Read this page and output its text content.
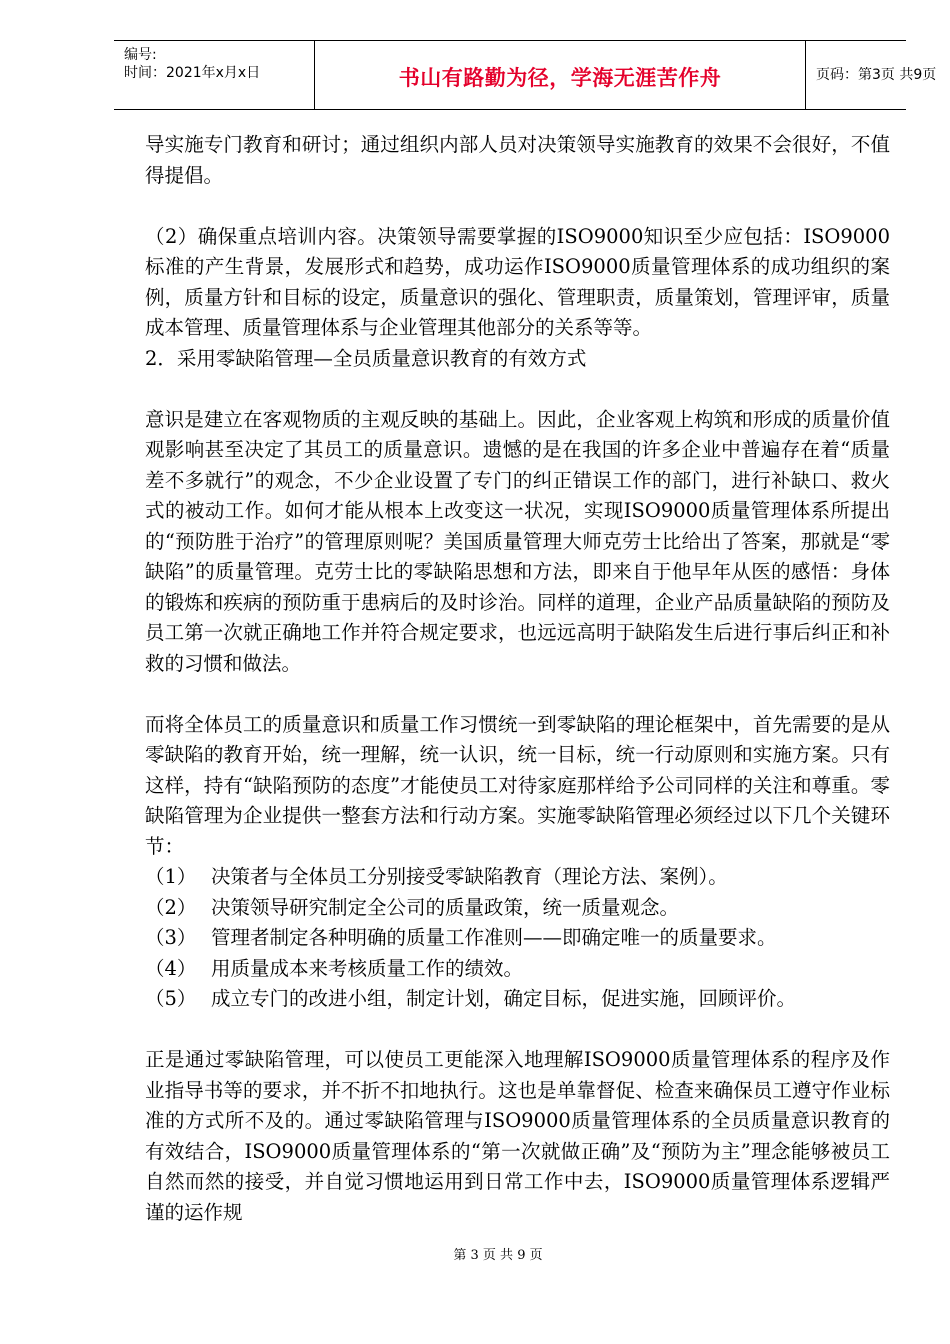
编号:
时间：2021年x月x日	书山有路勤为径，学海无涯苦作舟	页码：第3页 共9页

导实施专门教育和研讨；通过组织内部人员对决策领导实施教育的效果不会很好，不值得提倡。

（2）确保重点培训内容。决策领导需要掌握的ISO9000知识至少应包括：ISO9000标准的产生背景，发展形式和趋势，成功运作ISO9000质量管理体系的成功组织的案例，质量方针和目标的设定，质量意识的强化、管理职责，质量策划，管理评审，质量成本管理、质量管理体系与企业管理其他部分的关系等等。

2．采用零缺陷管理—全员质量意识教育的有效方式

意识是建立在客观物质的主观反映的基础上。因此，企业客观上构筑和形成的质量价值观影响甚至决定了其员工的质量意识。遗憾的是在我国的许多企业中普遍存在着“质量差不多就行”的观念，不少企业设置了专门的纠正错误工作的部门，进行补缺口、救火式的被动工作。如何才能从根本上改变这一状况，实现ISO9000质量管理体系所提出的“预防胜于治疗”的管理原则呢？美国质量管理大师克劳士比给出了答案，那就是“零缺陷”的质量管理。克劳士比的零缺陷思想和方法，即来自于他早年从医的感悟：身体的锻炼和疾病的预防重于患病后的及时诊治。同样的道理，企业产品质量缺陷的预防及员工第一次就正确地工作并符合规定要求，也远远高明于缺陷发生后进行事后纠正和补救的习惯和做法。

而将全体员工的质量意识和质量工作习惯统一到零缺陷的理论框架中，首先需要的是从零缺陷的教育开始，统一理解，统一认识，统一目标，统一行动原则和实施方案。只有这样，持有“缺陷预防的态度”才能使员工对待家庭那样给予公司同样的关注和尊重。零缺陷管理为企业提供一整套方法和行动方案。实施零缺陷管理必须经过以下几个关键环节：

（1） 决策者与全体员工分别接受零缺陷教育（理论方法、案例）。
（2） 决策领导研究制定全公司的质量政策，统一质量观念。
（3） 管理者制定各种明确的质量工作准则——即确定唯一的质量要求。
（4） 用质量成本来考核质量工作的绩效。
（5） 成立专门的改进小组，制定计划，确定目标，促进实施，回顾评价。

正是通过零缺陷管理，可以使员工更能深入地理解ISO9000质量管理体系的程序及作业指导书等的要求，并不折不扣地执行。这也是单靠督促、检查来确保员工遵守作业标准的方式所不及的。通过零缺陷管理与ISO9000质量管理体系的全员质量意识教育的有效结合，ISO9000质量管理体系的“第一次就做正确”及“预防为主”理念能够被员工自然而然的接受，并自觉习惯地运用到日常工作中去，ISO9000质量管理体系逻辑严谨的运作规

第 3 页 共 9 页
